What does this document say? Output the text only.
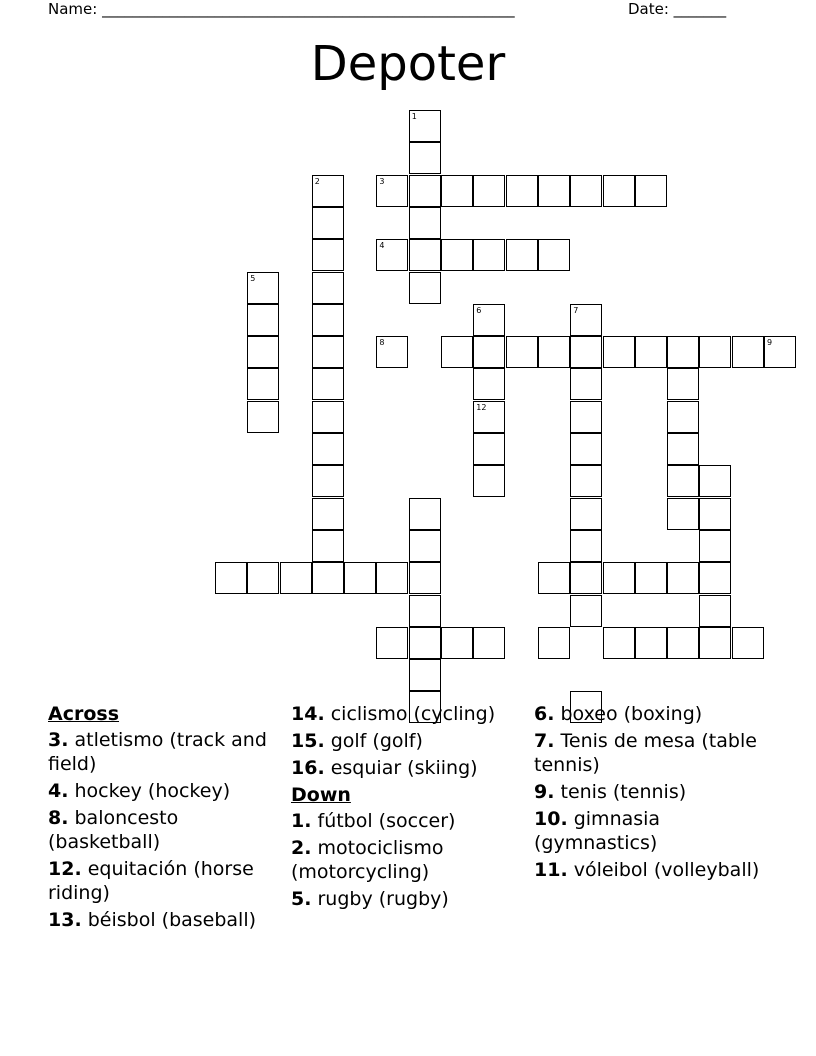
Name: _______________________________________________________	Date: _______
Depoter
1
2	3
4
5
6
12
7
8	9
Across
3. atletismo (track and field)
4. hockey (hockey)
8. baloncesto (basketball)
12. equitación (horse riding)
13. béisbol (baseball)
14. ciclismo (cycling)
15. golf (golf)
16. esquiar (skiing)
Down
1. fútbol (soccer)
2. motociclismo (motorcycling)
5. rugby (rugby)
6. boxeo (boxing)
7. Tenis de mesa (table tennis)
9. tenis (tennis)
10. gimnasia (gymnastics)
11. vóleibol (volleyball)
